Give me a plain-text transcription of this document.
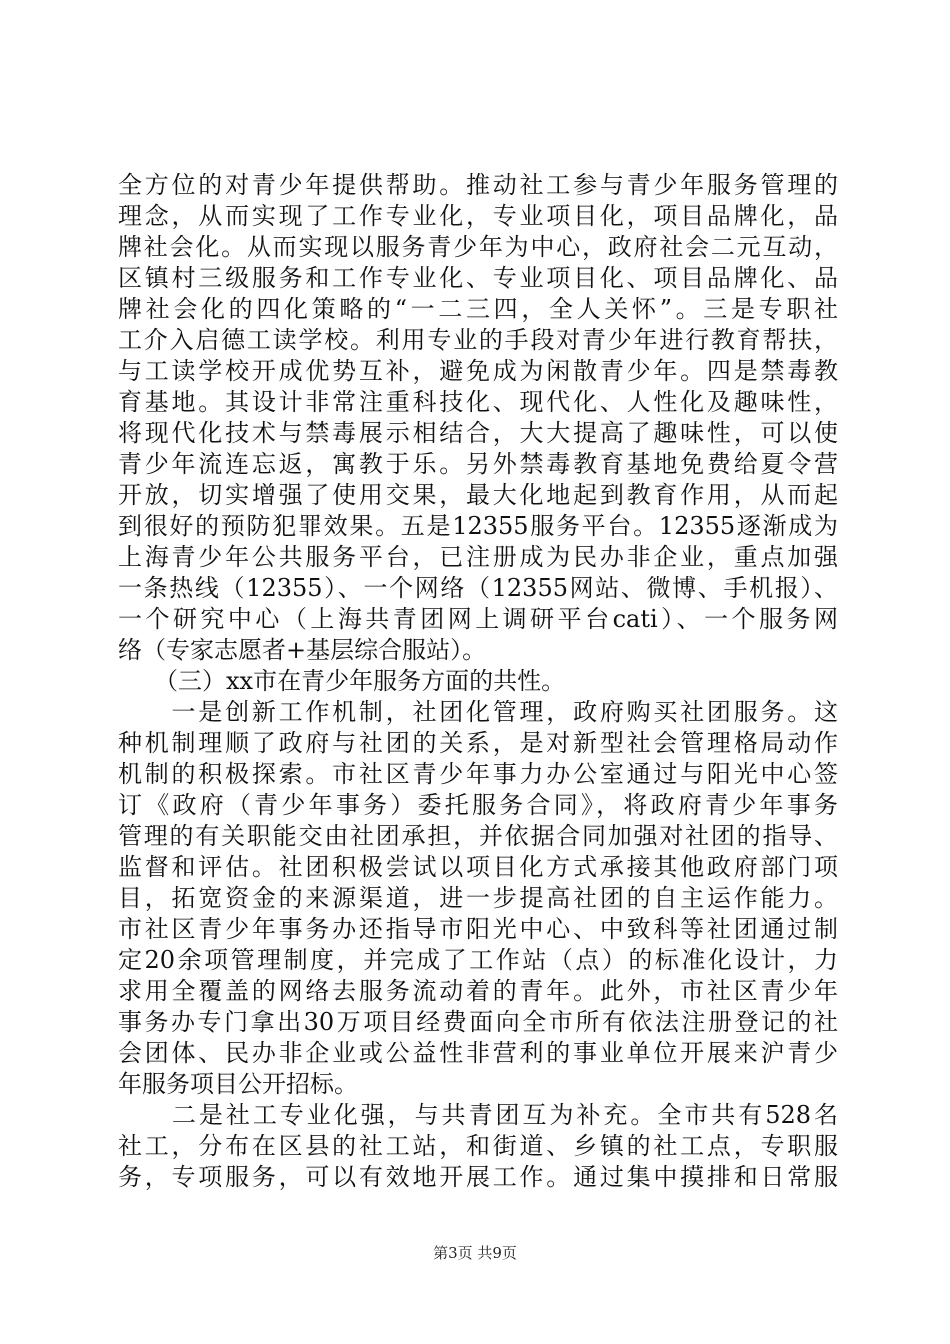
全方位的对青少年提供帮助。推动社工参与青少年服务管理的
理念，从而实现了工作专业化，专业项目化，项目品牌化，品
牌社会化。从而实现以服务青少年为中心，政府社会二元互动，
区镇村三级服务和工作专业化、专业项目化、项目品牌化、品
牌社会化的四化策略的“一二三四，全人关怀”。三是专职社
工介入启德工读学校。利用专业的手段对青少年进行教育帮扶，
与工读学校开成优势互补，避免成为闲散青少年。四是禁毒教
育基地。其设计非常注重科技化、现代化、人性化及趣味性，
将现代化技术与禁毒展示相结合，大大提高了趣味性，可以使
青少年流连忘返，寓教于乐。另外禁毒教育基地免费给夏令营
开放，切实增强了使用交果，最大化地起到教育作用，从而起
到很好的预防犯罪效果。五是12355服务平台。12355逐渐成为
上海青少年公共服务平台，已注册成为民办非企业，重点加强
一条热线（12355）、一个网络（12355网站、微博、手机报）、
一个研究中心（上海共青团网上调研平台cati）、一个服务网
络（专家志愿者+基层综合服站）。
　　（三）xx市在青少年服务方面的共性。
　　一是创新工作机制，社团化管理，政府购买社团服务。这
种机制理顺了政府与社团的关系，是对新型社会管理格局动作
机制的积极探索。市社区青少年事力办公室通过与阳光中心签
订《政府（青少年事务）委托服务合同》，将政府青少年事务
管理的有关职能交由社团承担，并依据合同加强对社团的指导、
监督和评估。社团积极尝试以项目化方式承接其他政府部门项
目，拓宽资金的来源渠道，进一步提高社团的自主运作能力。
市社区青少年事务办还指导市阳光中心、中致科等社团通过制
定20余项管理制度，并完成了工作站（点）的标准化设计，力
求用全覆盖的网络去服务流动着的青年。此外，市社区青少年
事务办专门拿出30万项目经费面向全市所有依法注册登记的社
会团体、民办非企业或公益性非营利的事业单位开展来沪青少
年服务项目公开招标。
　　二是社工专业化强，与共青团互为补充。全市共有528名
社工，分布在区县的社工站，和街道、乡镇的社工点，专职服
务，专项服务，可以有效地开展工作。通过集中摸排和日常服
第3页 共9页
